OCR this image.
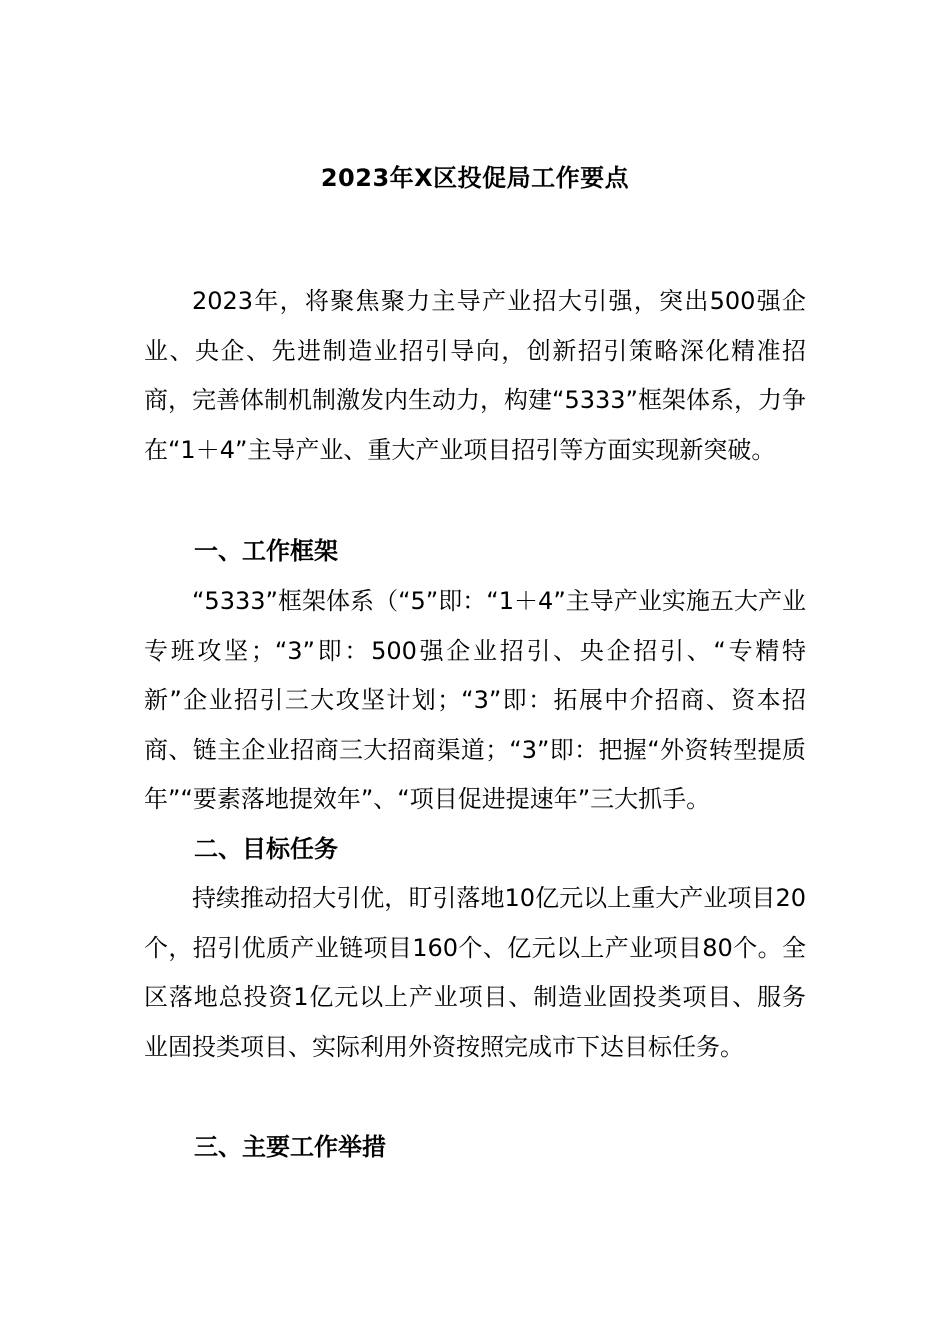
2023年X区投促局工作要点
2023年，将聚焦聚力主导产业招大引强，突出500强企业、央企、先进制造业招引导向，创新招引策略深化精准招商，完善体制机制激发内生动力，构建“5333”框架体系，力争在“1＋4”主导产业、重大产业项目招引等方面实现新突破。
一、工作框架
“5333”框架体系（“5”即：“1＋4”主导产业实施五大产业专班攻坚；“3”即：500强企业招引、央企招引、“专精特新”企业招引三大攻坚计划；“3”即：拓展中介招商、资本招商、链主企业招商三大招商渠道；“3”即：把握“外资转型提质年”“要素落地提效年”、“项目促进提速年”三大抓手。
二、目标任务
持续推动招大引优，盯引落地10亿元以上重大产业项目20个，招引优质产业链项目160个、亿元以上产业项目80个。全区落地总投资1亿元以上产业项目、制造业固投类项目、服务业固投类项目、实际利用外资按照完成市下达目标任务。
三、主要工作举措
